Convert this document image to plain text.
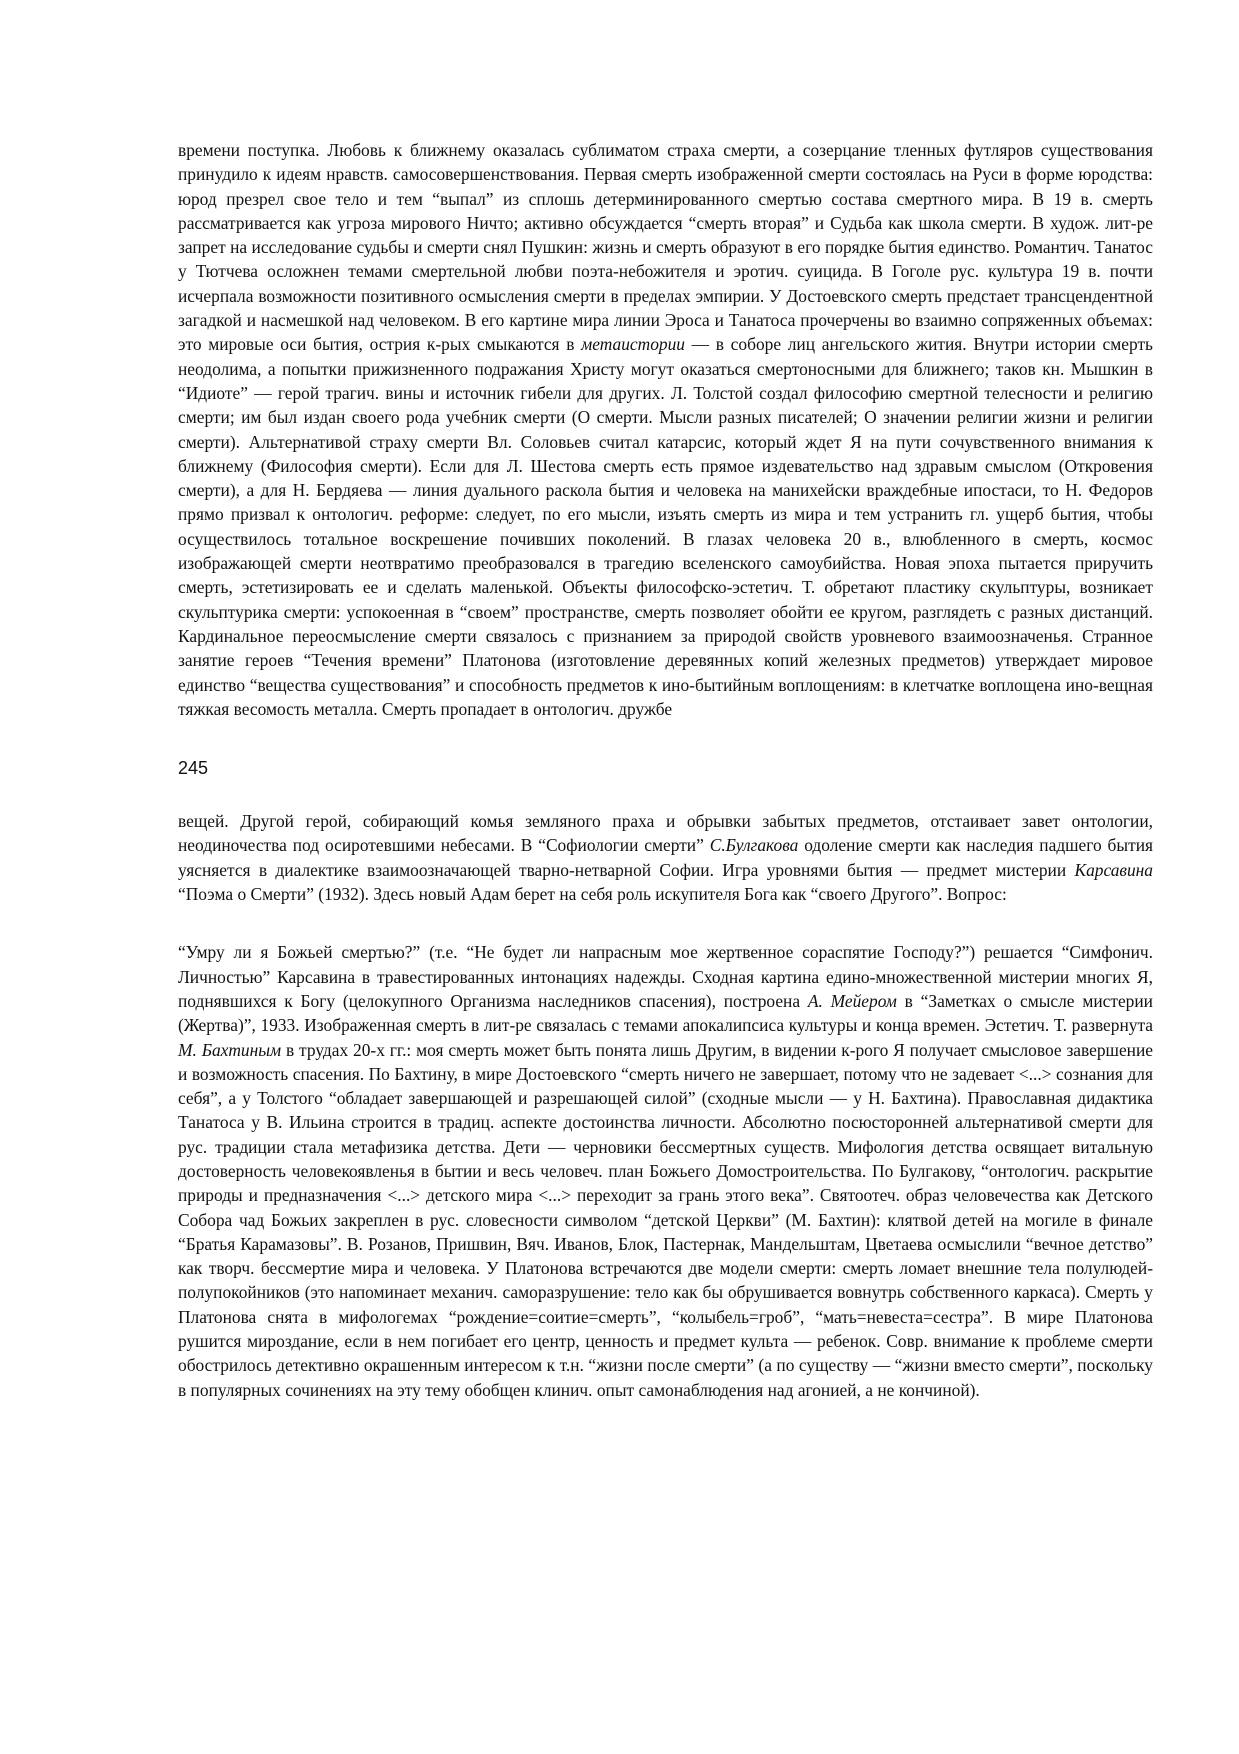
времени поступка. Любовь к ближнему оказалась сублиматом страха смерти, а созерцание тленных футляров существования принудило к идеям нравств. самосовершенствования. Первая смерть изображенной смерти состоялась на Руси в форме юродства: юрод презрел свое тело и тем “выпал” из сплошь детерминированного смертью состава смертного мира. В 19 в. смерть рассматривается как угроза мирового Ничто; активно обсуждается “смерть вторая” и Судьба как школа смерти. В худож. лит-ре запрет на исследование судьбы и смерти снял Пушкин: жизнь и смерть образуют в его порядке бытия единство. Романтич. Танатос у Тютчева осложнен темами смертельной любви поэта-небожителя и эротич. суицида. В Гоголе рус. культура 19 в. почти исчерпала возможности позитивного осмысления смерти в пределах эмпирии. У Достоевского смерть предстает трансцендентной загадкой и насмешкой над человеком. В его картине мира линии Эроса и Танатоса прочерчены во взаимно сопряженных объемах: это мировые оси бытия, острия к-рых смыкаются в метаистории — в соборе лиц ангельского жития. Внутри истории смерть неодолима, а попытки прижизненного подражания Христу могут оказаться смертоносными для ближнего; таков кн. Мышкин в “Идиоте” — герой трагич. вины и источник гибели для других. Л. Толстой создал философию смертной телесности и религию смерти; им был издан своего рода учебник смерти (О смерти. Мысли разных писателей; О значении религии жизни и религии смерти). Альтернативой страху смерти Вл. Соловьев считал катарсис, который ждет Я на пути сочувственного внимания к ближнему (Философия смерти). Если для Л. Шестова смерть есть прямое издевательство над здравым смыслом (Откровения смерти), а для Н. Бердяева — линия дуального раскола бытия и человека на манихейски враждебные ипостаси, то Н. Федоров прямо призвал к онтологич. реформе: следует, по его мысли, изъять смерть из мира и тем устранить гл. ущерб бытия, чтобы осуществилось тотальное воскрешение почивших поколений. В глазах человека 20 в., влюбленного в смерть, космос изображающей смерти неотвратимо преобразовался в трагедию вселенского самоубийства. Новая эпоха пытается приручить смерть, эстетизировать ее и сделать маленькой. Объекты философско-эстетич. Т. обретают пластику скульптуры, возникает скульптурика смерти: успокоенная в “своем” пространстве, смерть позволяет обойти ее кругом, разглядеть с разных дистанций. Кардинальное переосмысление смерти связалось с признанием за природой свойств уровневого взаимоозначенья. Странное занятие героев “Течения времени” Платонова (изготовление деревянных копий железных предметов) утверждает мировое единство “вещества существования” и способность предметов к ино-бытийным воплощениям: в клетчатке воплощена ино-вещная тяжкая весомость металла. Смерть пропадает в онтологич. дружбе

245

вещей. Другой герой, собирающий комья земляного праха и обрывки забытых предметов, отстаивает завет онтологии, неодиночества под осиротевшими небесами. В “Софиологии смерти” С.Булгакова одоление смерти как наследия падшего бытия уясняется в диалектике взаимоозначающей тварно-нетварной Софии. Игра уровнями бытия — предмет мистерии Карсавина “Поэма о Смерти” (1932). Здесь новый Адам берет на себя роль искупителя Бога как “своего Другого”. Вопрос:

“Умру ли я Божьей смертью?” (т.е. “Не будет ли напрасным мое жертвенное сораспятие Господу?”) решается “Симфонич. Личностью” Карсавина в травестированных интонациях надежды. Сходная картина едино-множественной мистерии многих Я, поднявшихся к Богу (целокупного Организма наследников спасения), построена А. Мейером в “Заметках о смысле мистерии (Жертва)”, 1933. Изображенная смерть в лит-ре связалась с темами апокалипсиса культуры и конца времен. Эстетич. Т. развернута М. Бахтиным в трудах 20-х гг.: моя смерть может быть понята лишь Другим, в видении к-рого Я получает смысловое завершение и возможность спасения. По Бахтину, в мире Достоевского “смерть ничего не завершает, потому что не задевает <...> сознания для себя”, а у Толстого “обладает завершающей и разрешающей силой” (сходные мысли — у Н. Бахтина). Православная дидактика Танатоса у В. Ильина строится в традиц. аспекте достоинства личности. Абсолютно посюсторонней альтернативой смерти для рус. традиции стала метафизика детства. Дети — черновики бессмертных существ. Мифология детства освящает витальную достоверность человекоявленья в бытии и весь человеч. план Божьего Домостроительства. По Булгакову, “онтологич. раскрытие природы и предназначения <...> детского мира <...> переходит за грань этого века”. Святоотеч. образ человечества как Детского Собора чад Божьих закреплен в рус. словесности символом “детской Церкви” (М. Бахтин): клятвой детей на могиле в финале “Братья Карамазовы”. В. Розанов, Пришвин, Вяч. Иванов, Блок, Пастернак, Мандельштам, Цветаева осмыслили “вечное детство” как творч. бессмертие мира и человека. У Платонова встречаются две модели смерти: смерть ломает внешние тела полулюдей-полупокойников (это напоминает механич. саморазрушение: тело как бы обрушивается вовнутрь собственного каркаса). Смерть у Платонова снята в мифологемах “рождение=соитие=смерть”, “колыбель=гроб”, “мать=невеста=сестра”. В мире Платонова рушится мироздание, если в нем погибает его центр, ценность и предмет культа — ребенок. Совр. внимание к проблеме смерти обострилось детективно окрашенным интересом к т.н. “жизни после смерти” (а по существу — “жизни вместо смерти”, поскольку в популярных сочинениях на эту тему обобщен клинич. опыт самонаблюдения над агонией, а не кончиной).
